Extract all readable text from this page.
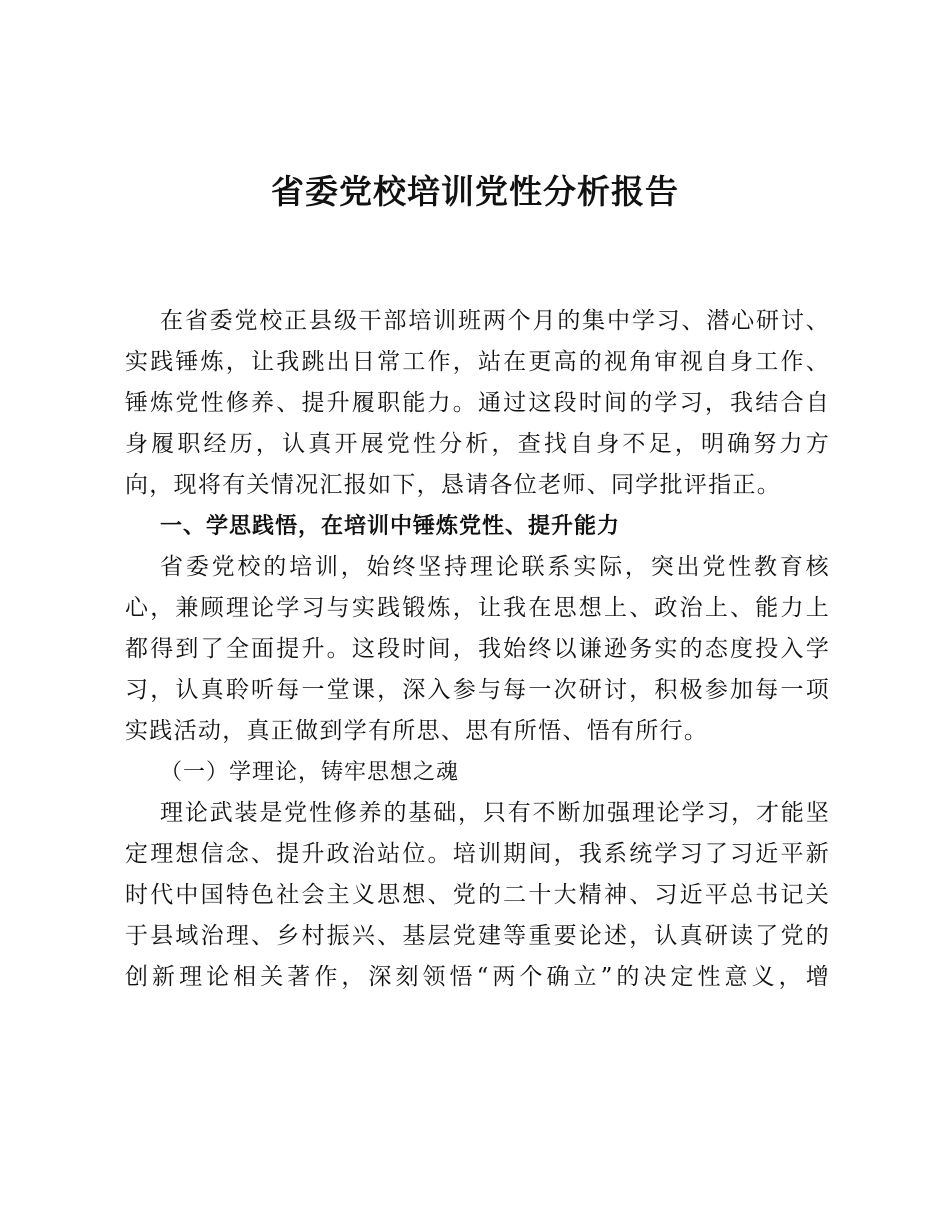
省委党校培训党性分析报告
在省委党校正县级干部培训班两个月的集中学习、潜心研讨、
实践锤炼，让我跳出日常工作，站在更高的视角审视自身工作、
锤炼党性修养、提升履职能力。通过这段时间的学习，我结合自
身履职经历，认真开展党性分析，查找自身不足，明确努力方
向，现将有关情况汇报如下，恳请各位老师、同学批评指正。
一、学思践悟，在培训中锤炼党性、提升能力
省委党校的培训，始终坚持理论联系实际，突出党性教育核
心，兼顾理论学习与实践锻炼，让我在思想上、政治上、能力上
都得到了全面提升。这段时间，我始终以谦逊务实的态度投入学
习，认真聆听每一堂课，深入参与每一次研讨，积极参加每一项
实践活动，真正做到学有所思、思有所悟、悟有所行。
（一）学理论，铸牢思想之魂
理论武装是党性修养的基础，只有不断加强理论学习，才能坚
定理想信念、提升政治站位。培训期间，我系统学习了习近平新
时代中国特色社会主义思想、党的二十大精神、习近平总书记关
于县域治理、乡村振兴、基层党建等重要论述，认真研读了党的
创新理论相关著作，深刻领悟“两个确立”的决定性意义，增
